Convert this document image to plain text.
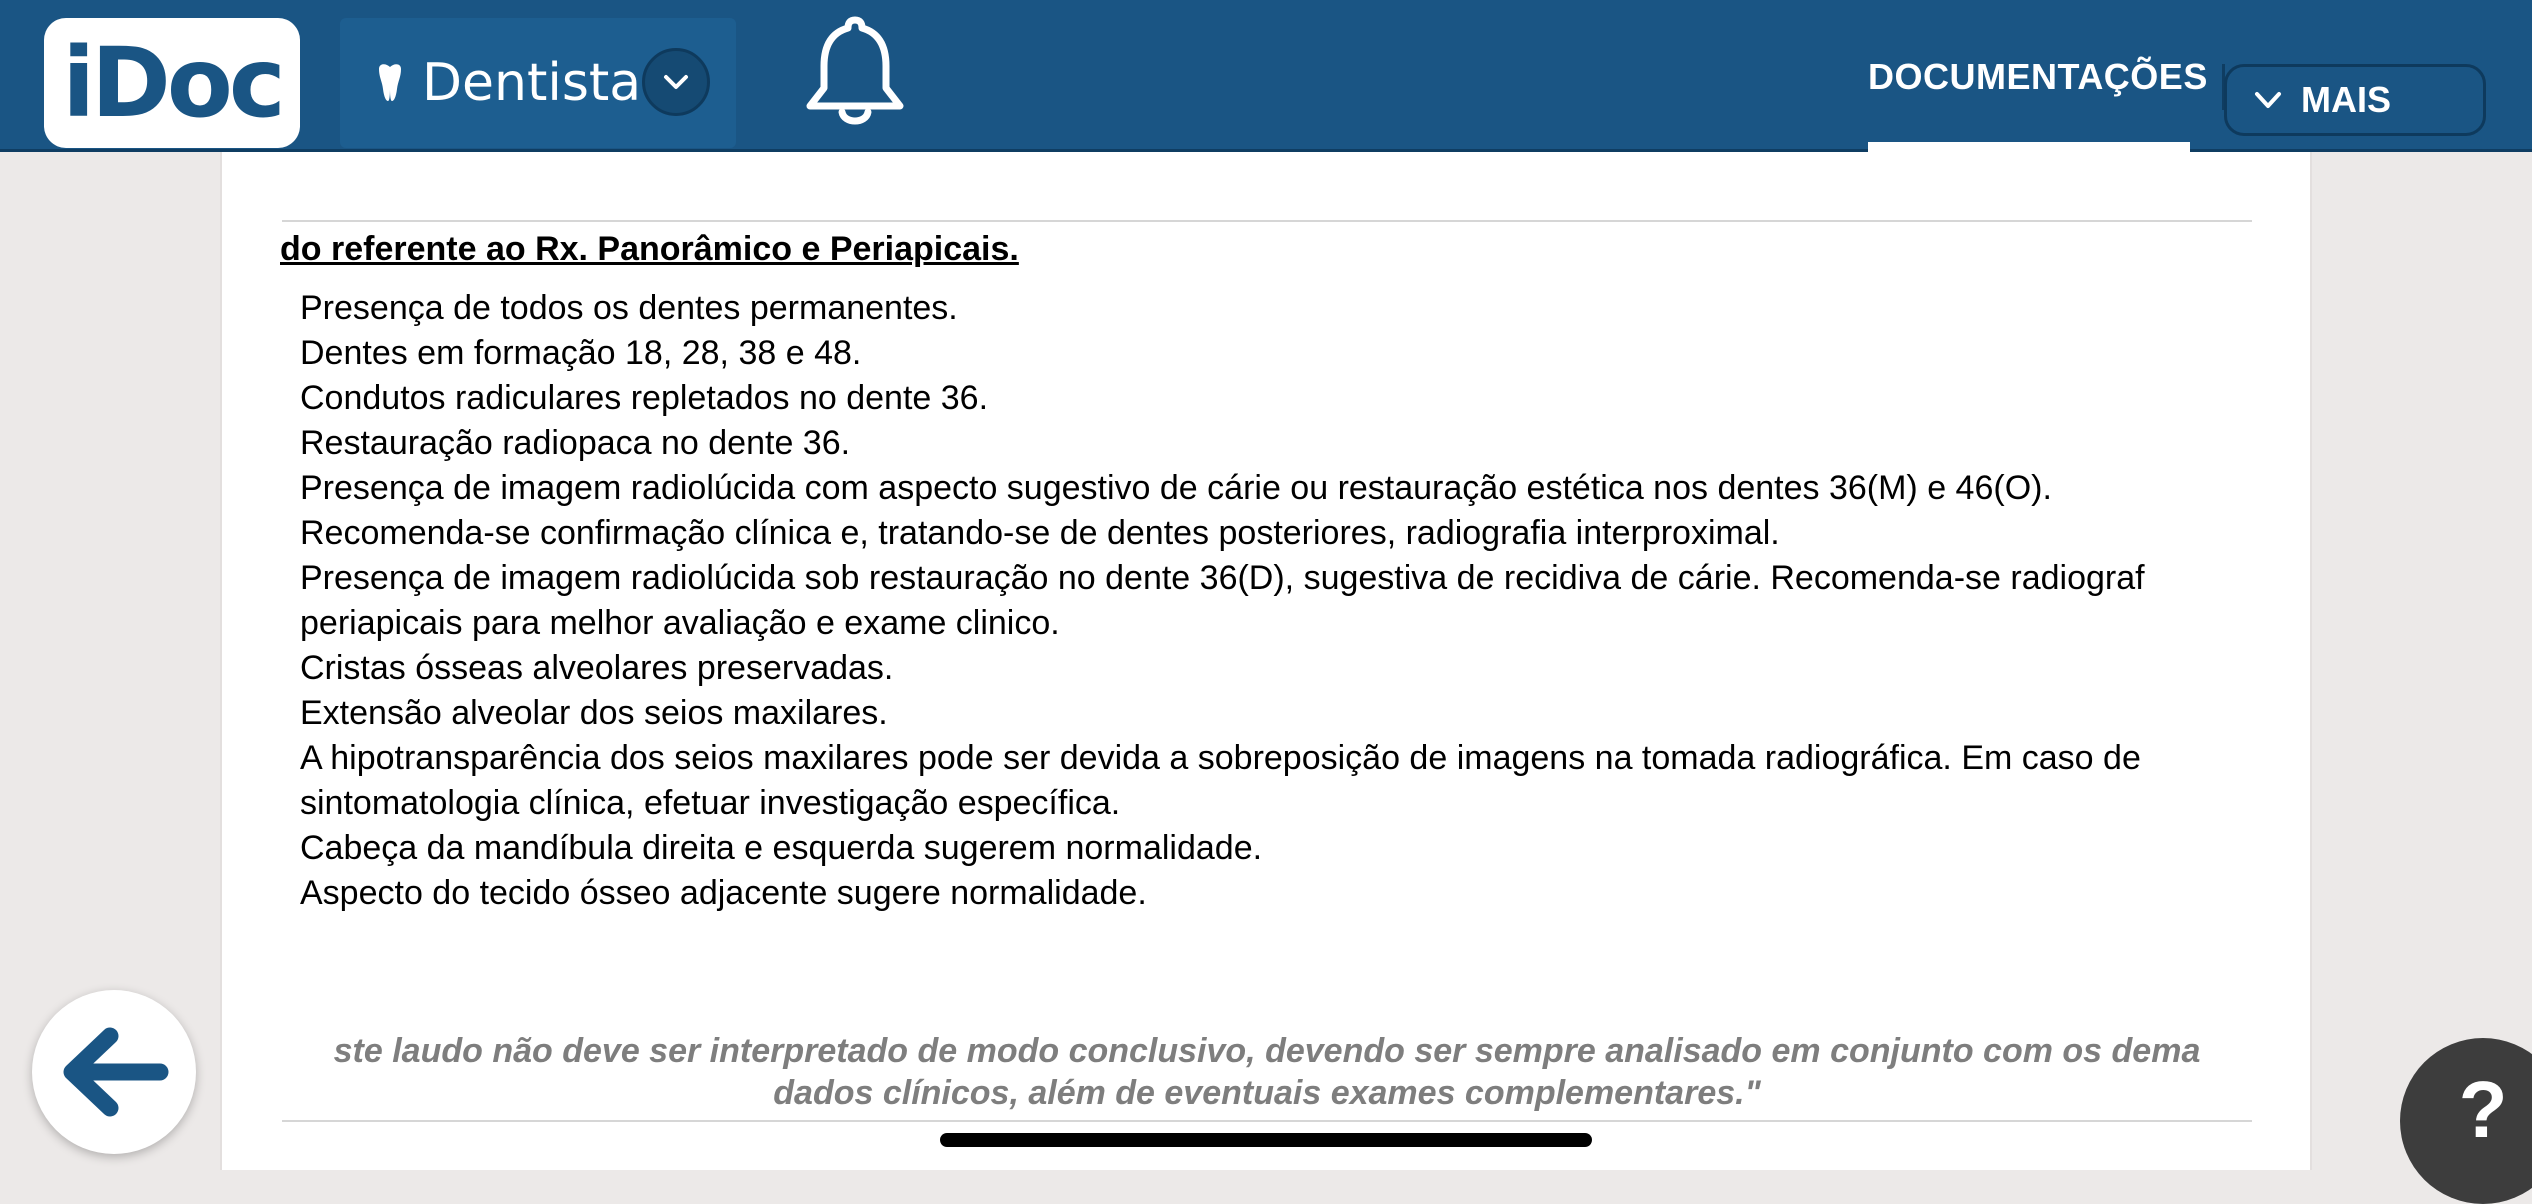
iDoc	Dentista	DOCUMENTAÇÕES
MAIS
do referente ao Rx. Panorâmico e Periapicais.
Presença de todos os dentes permanentes.
Dentes em formação 18, 28, 38 e 48.
Condutos radiculares repletados no dente 36.
Restauração radiopaca no dente 36.
Presença de imagem radiolúcida com aspecto sugestivo de cárie ou restauração estética nos dentes 36(M) e 46(O).
Recomenda-se confirmação clínica e, tratando-se de dentes posteriores, radiografia interproximal.
Presença de imagem radiolúcida sob restauração no dente 36(D), sugestiva de recidiva de cárie. Recomenda-se radiograf
periapicais para melhor avaliação e exame clinico.
Cristas ósseas alveolares preservadas.
Extensão alveolar dos seios maxilares.
A hipotransparência dos seios maxilares pode ser devida a sobreposição de imagens na tomada radiográfica. Em caso de
sintomatologia clínica, efetuar investigação específica.
Cabeça da mandíbula direita e esquerda sugerem normalidade.
Aspecto do tecido ósseo adjacente sugere normalidade.
ste laudo não deve ser interpretado de modo conclusivo, devendo ser sempre analisado em conjunto com os dema
dados clínicos, além de eventuais exames complementares."	?
